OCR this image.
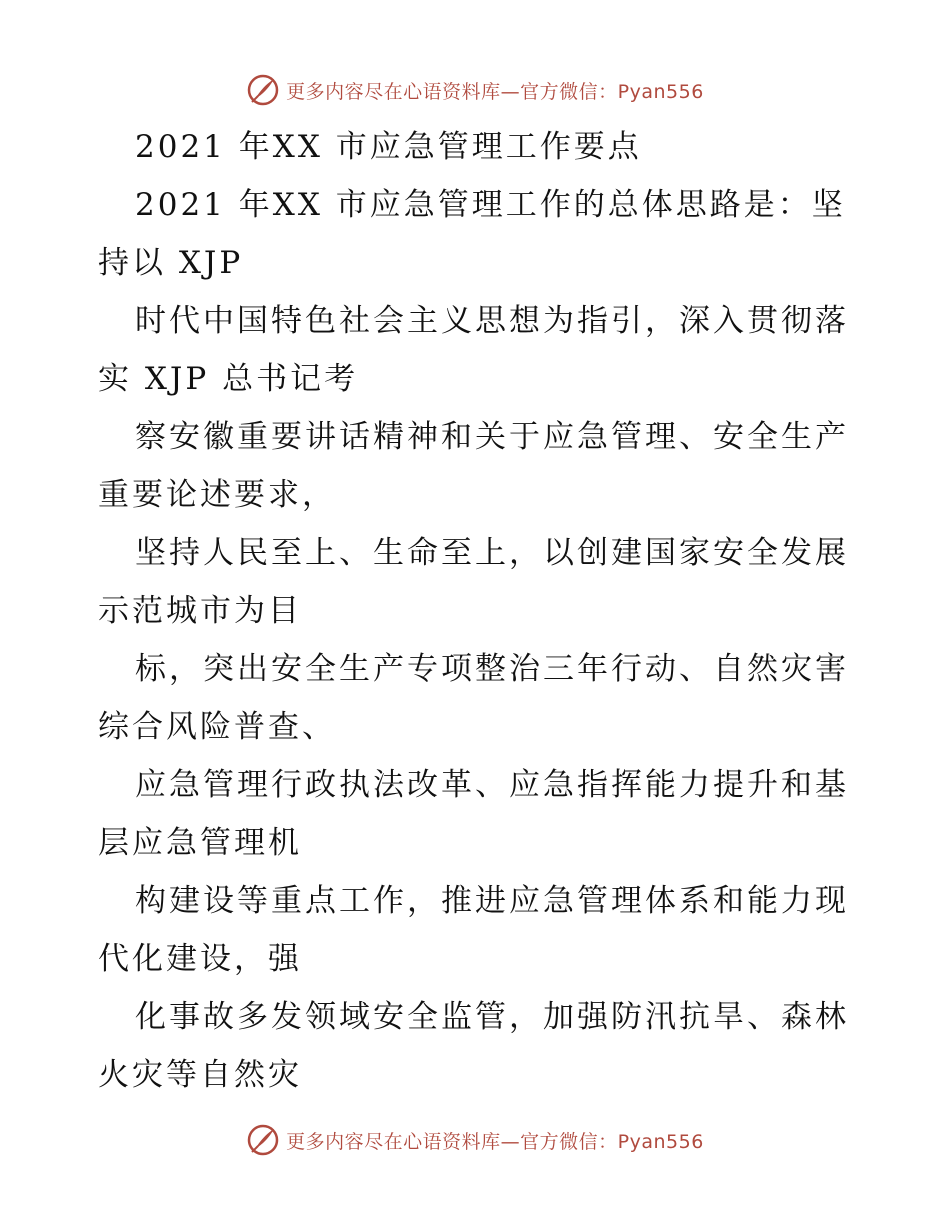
更多内容尽在心语资料库—官方微信：Pyan556

2021 年XX 市应急管理工作要点

2021 年XX 市应急管理工作的总体思路是：坚持以 XJP

时代中国特色社会主义思想为指引，深入贯彻落实 XJP 总书记考

察安徽重要讲话精神和关于应急管理、安全生产重要论述要求，

坚持人民至上、生命至上，以创建国家安全发展示范城市为目

标，突出安全生产专项整治三年行动、自然灾害综合风险普查、

应急管理行政执法改革、应急指挥能力提升和基层应急管理机

构建设等重点工作，推进应急管理体系和能力现代化建设，强

化事故多发领域安全监管，加强防汛抗旱、森林火灾等自然灾

更多内容尽在心语资料库—官方微信：Pyan556
